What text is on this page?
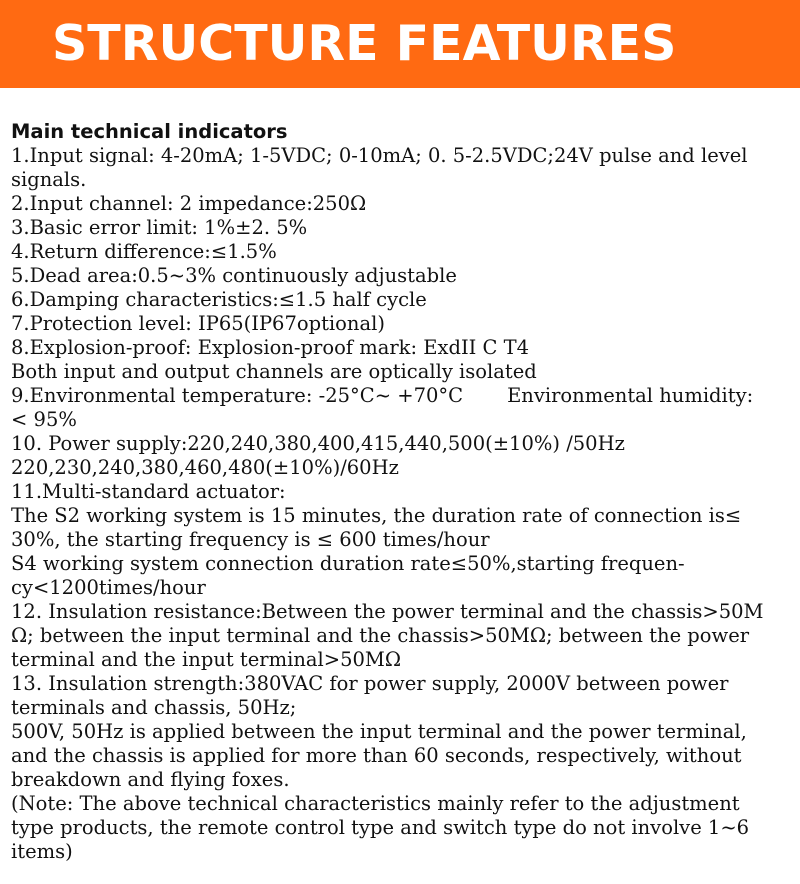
STRUCTURE FEATURES
Main technical indicators
1.Input signal: 4-20mA; 1-5VDC; 0-10mA; 0. 5-2.5VDC;24V pulse and level
signals.
2.Input channel: 2 impedance:250Ω
3.Basic error limit: 1%±2. 5%
4.Return difference:≤1.5%
5.Dead area:0.5~3% continuously adjustable
6.Damping characteristics:≤1.5 half cycle
7.Protection level: IP65(IP67optional)
8.Explosion-proof: Explosion-proof mark: ExdII C T4
Both input and output channels are optically isolated
9.Environmental temperature: -25°C~ +70°C Environmental humidity:
< 95%
10. Power supply:220,240,380,400,415,440,500(±10%) /50Hz
220,230,240,380,460,480(±10%)/60Hz
11.Multi-standard actuator:
The S2 working system is 15 minutes, the duration rate of connection is≤
30%, the starting frequency is ≤ 600 times/hour
S4 working system connection duration rate≤50%,starting frequen-
cy<1200times/hour
12. Insulation resistance:Between the power terminal and the chassis>50M
Ω; between the input terminal and the chassis>50MΩ; between the power
terminal and the input terminal>50MΩ
13. Insulation strength:380VAC for power supply, 2000V between power
terminals and chassis, 50Hz;
500V, 50Hz is applied between the input terminal and the power terminal,
and the chassis is applied for more than 60 seconds, respectively, without
breakdown and flying foxes.
(Note: The above technical characteristics mainly refer to the adjustment
type products, the remote control type and switch type do not involve 1~6
items)
